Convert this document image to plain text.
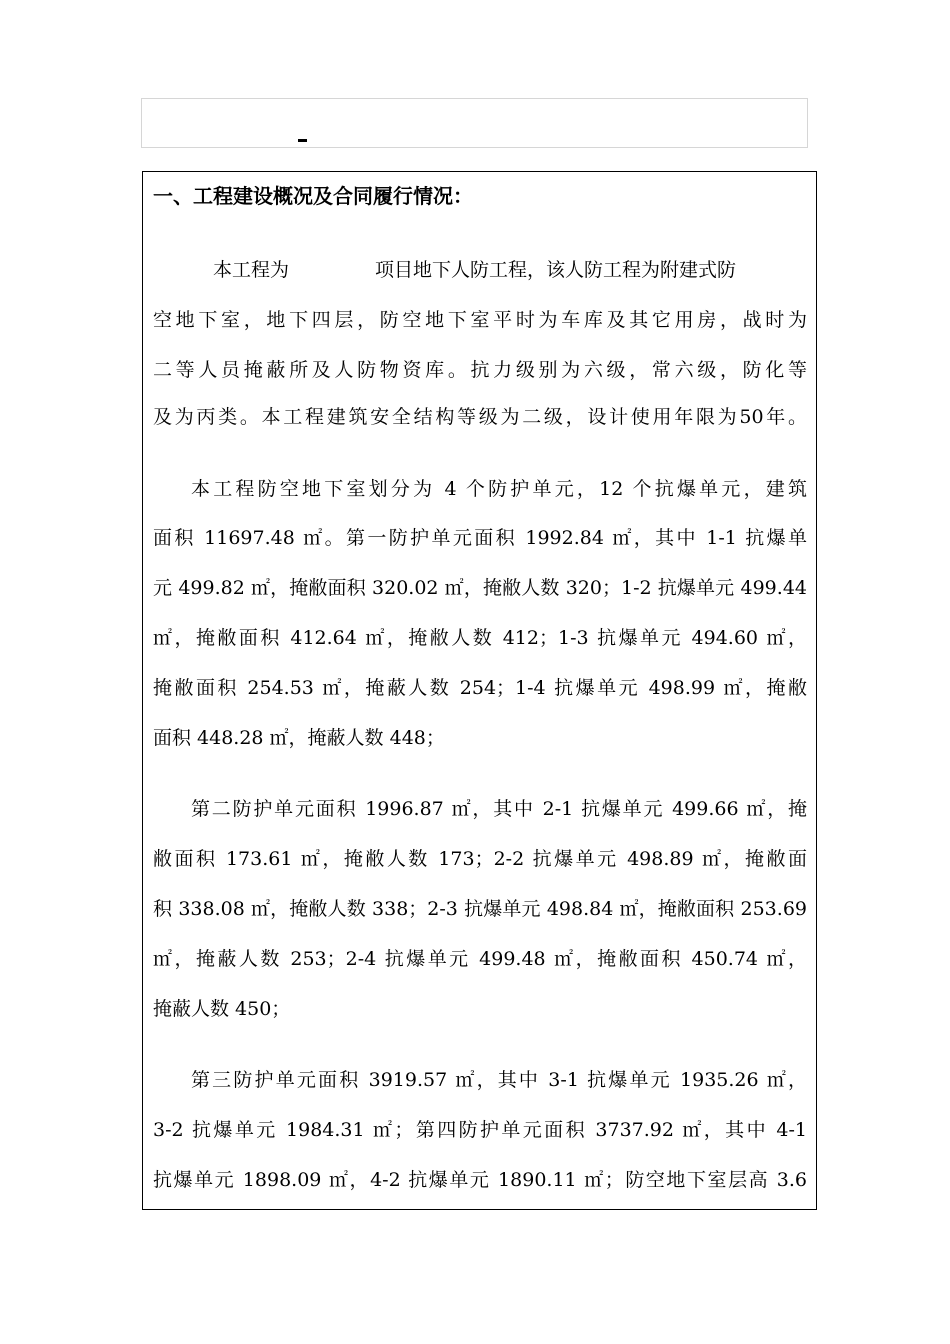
一、工程建设概况及合同履行情况：
本工程为	项目地下人防工程，该人防工程为附建式防
空地下室，地下四层，防空地下室平时为车库及其它用房，战时为
二等人员掩蔽所及人防物资库。抗力级别为六级，常六级，防化等
及为丙类。本工程建筑安全结构等级为二级，设计使用年限为50年。
本工程防空地下室划分为 4 个防护单元，12 个抗爆单元，建筑
面积 11697.48 ㎡。第一防护单元面积 1992.84 ㎡，其中 1-1 抗爆单
元 499.82 ㎡，掩敝面积 320.02 ㎡，掩敝人数 320；1-2 抗爆单元 499.44
㎡，掩敝面积 412.64 ㎡，掩敝人数 412；1-3 抗爆单元 494.60 ㎡，
掩敝面积 254.53 ㎡，掩蔽人数 254；1-4 抗爆单元 498.99 ㎡，掩敝
面积 448.28 ㎡，掩蔽人数 448；
第二防护单元面积 1996.87 ㎡，其中 2-1 抗爆单元 499.66 ㎡，掩
敝面积 173.61 ㎡，掩敝人数 173；2-2 抗爆单元 498.89 ㎡，掩敝面
积 338.08 ㎡，掩敝人数 338；2-3 抗爆单元 498.84 ㎡，掩敝面积 253.69
㎡，掩蔽人数 253；2-4 抗爆单元 499.48 ㎡，掩敝面积 450.74 ㎡，
掩蔽人数 450；
第三防护单元面积 3919.57 ㎡，其中 3-1 抗爆单元 1935.26 ㎡，
3-2 抗爆单元 1984.31 ㎡；第四防护单元面积 3737.92 ㎡，其中 4-1
抗爆单元 1898.09 ㎡，4-2 抗爆单元 1890.11 ㎡；防空地下室层高 3.6
